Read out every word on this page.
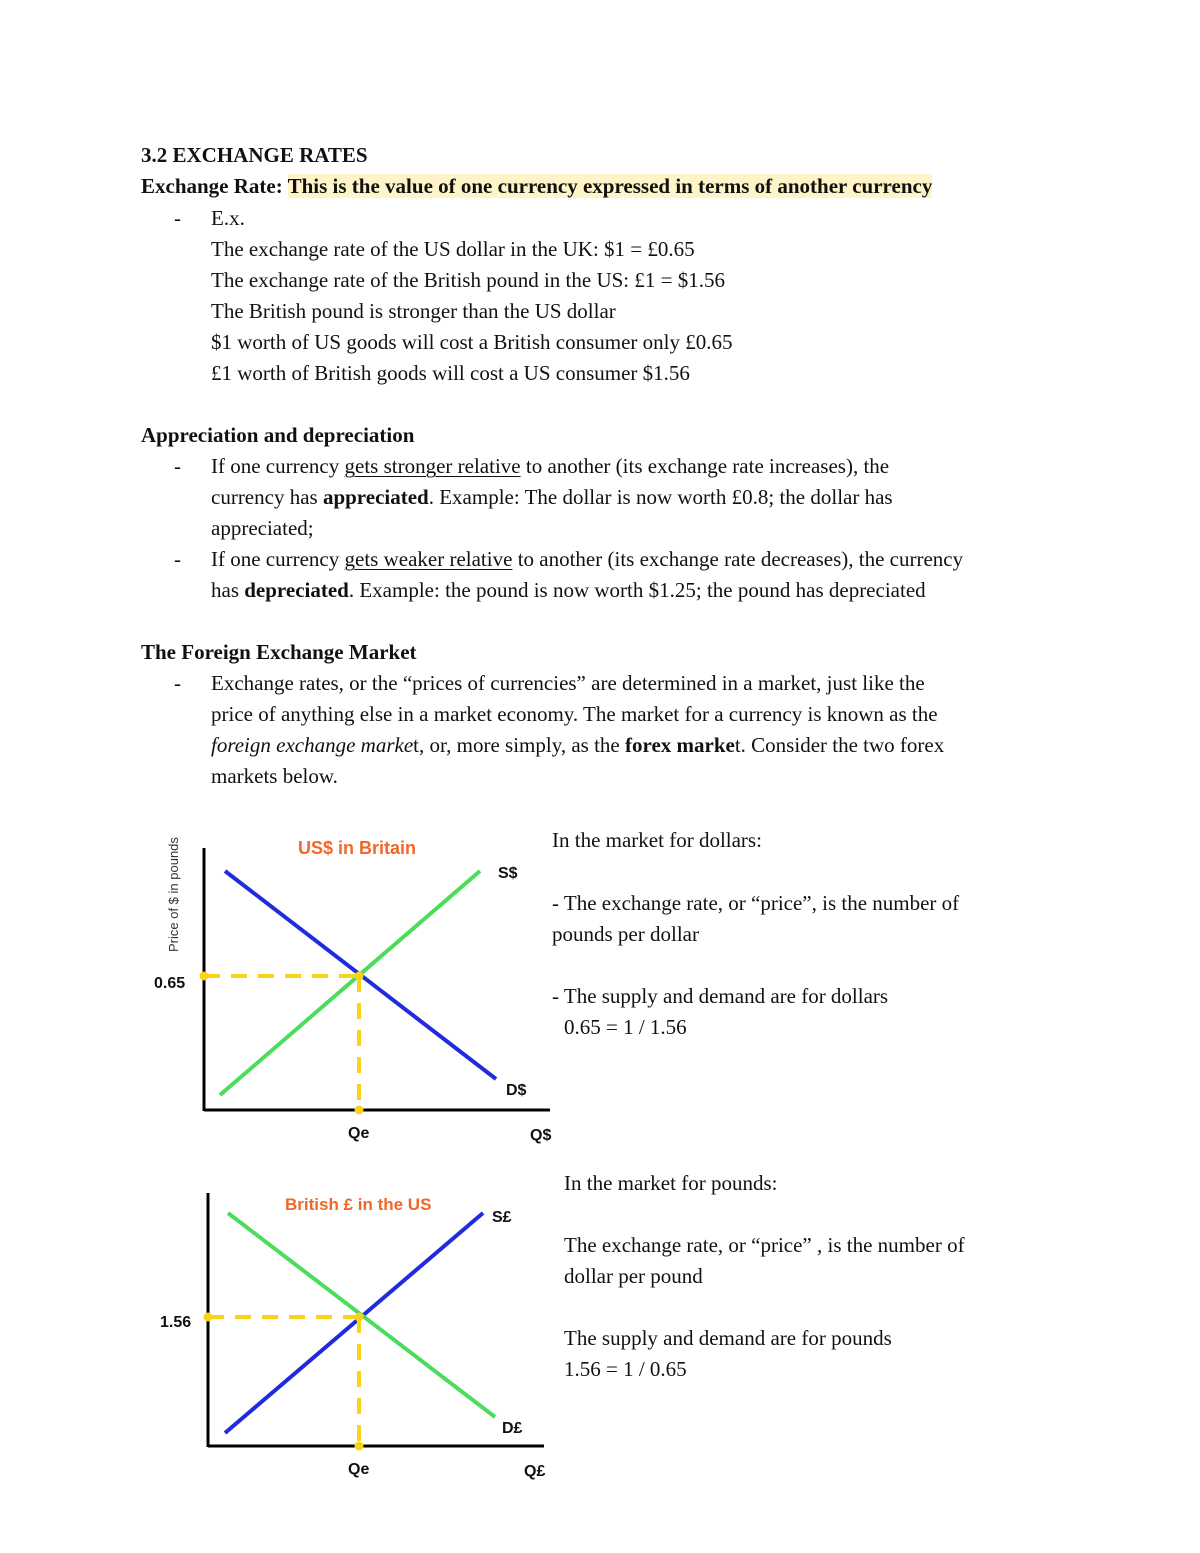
3.2 EXCHANGE RATES
Exchange Rate: This is the value of one currency expressed in terms of another currency
- E.x.
The exchange rate of the US dollar in the UK: $1 = £0.65
The exchange rate of the British pound in the US: £1 = $1.56
The British pound is stronger than the US dollar
$1 worth of US goods will cost a British consumer only £0.65
£1 worth of British goods will cost a US consumer $1.56
Appreciation and depreciation
- If one currency gets stronger relative to another (its exchange rate increases), the
currency has appreciated. Example: The dollar is now worth £0.8; the dollar has
appreciated;
- If one currency gets weaker relative to another (its exchange rate decreases), the currency
has depreciated. Example: the pound is now worth $1.25; the pound has depreciated
The Foreign Exchange Market
- Exchange rates, or the “prices of currencies” are determined in a market, just like the
price of anything else in a market economy. The market for a currency is known as the
foreign exchange market, or, more simply, as the forex market. Consider the two forex
markets below.
Price of $ in pounds	US$ in Britain
0.65
S$
D$
Qe	Q$
British £ in the US
1.56
S£
D£
Qe	Q£
In the market for dollars:
- The exchange rate, or “price”, is the number of
pounds per dollar
- The supply and demand are for dollars
0.65 = 1 / 1.56
In the market for pounds:
The exchange rate, or “price” , is the number of
dollar per pound
The supply and demand are for pounds
1.56 = 1 / 0.65
